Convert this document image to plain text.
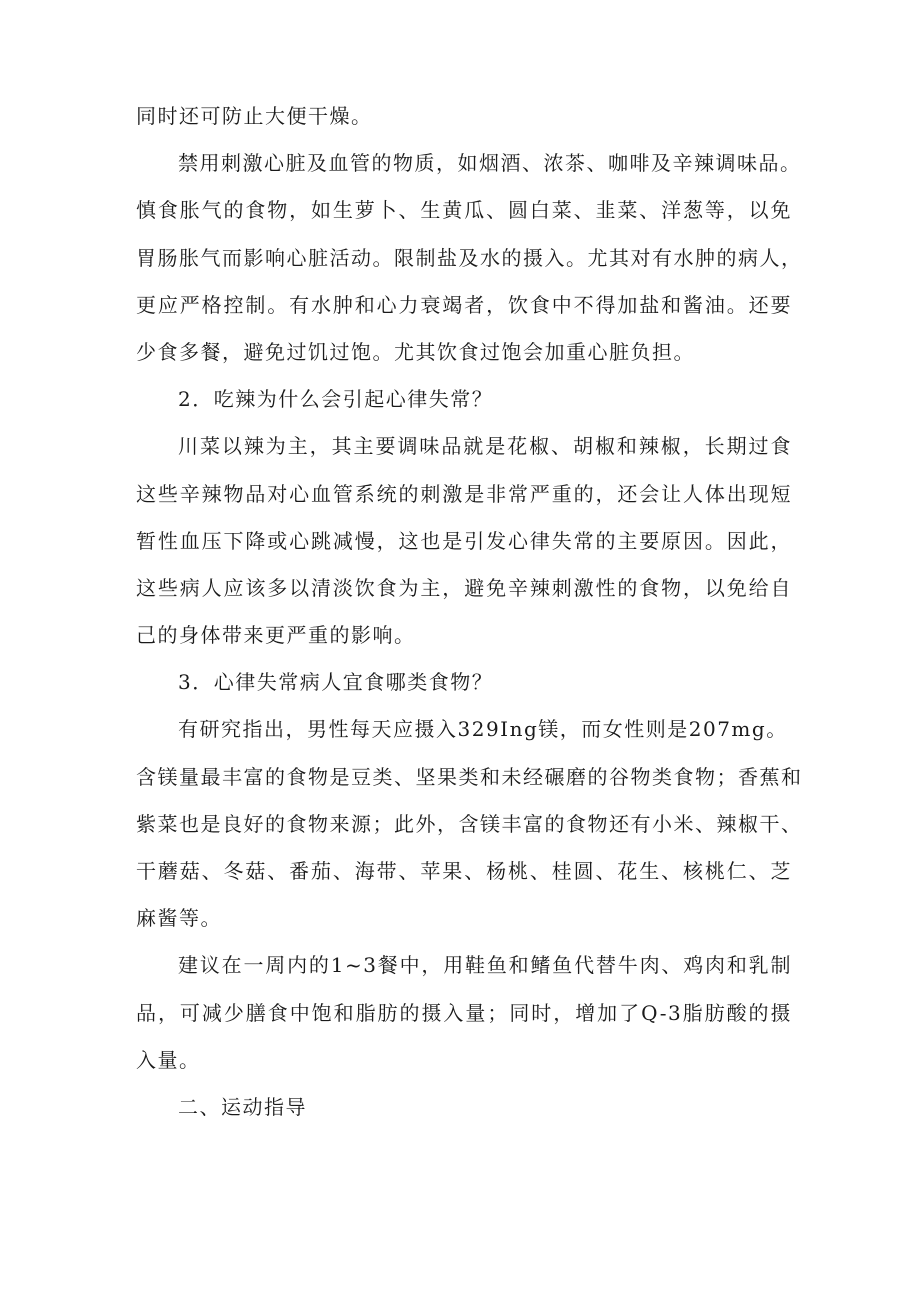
同时还可防止大便干燥。
禁用刺激心脏及血管的物质，如烟酒、浓茶、咖啡及辛辣调味品。
慎食胀气的食物，如生萝卜、生黄瓜、圆白菜、韭菜、洋葱等，以免
胃肠胀气而影响心脏活动。限制盐及水的摄入。尤其对有水肿的病人，
更应严格控制。有水肿和心力衰竭者，饮食中不得加盐和酱油。还要
少食多餐，避免过饥过饱。尤其饮食过饱会加重心脏负担。
2．吃辣为什么会引起心律失常？
川菜以辣为主，其主要调味品就是花椒、胡椒和辣椒，长期过食
这些辛辣物品对心血管系统的刺激是非常严重的，还会让人体出现短
暂性血压下降或心跳减慢，这也是引发心律失常的主要原因。因此，
这些病人应该多以清淡饮食为主，避免辛辣刺激性的食物，以免给自
己的身体带来更严重的影响。
3．心律失常病人宜食哪类食物？
有研究指出，男性每天应摄入329Ing镁，而女性则是207mg。
含镁量最丰富的食物是豆类、坚果类和未经碾磨的谷物类食物；香蕉和
紫菜也是良好的食物来源；此外，含镁丰富的食物还有小米、辣椒干、
干蘑菇、冬菇、番茄、海带、苹果、杨桃、桂圆、花生、核桃仁、芝
麻酱等。
建议在一周内的1~3餐中，用鞋鱼和鳍鱼代替牛肉、鸡肉和乳制
品，可减少膳食中饱和脂肪的摄入量；同时，增加了Q-3脂肪酸的摄
入量。
二、运动指导
